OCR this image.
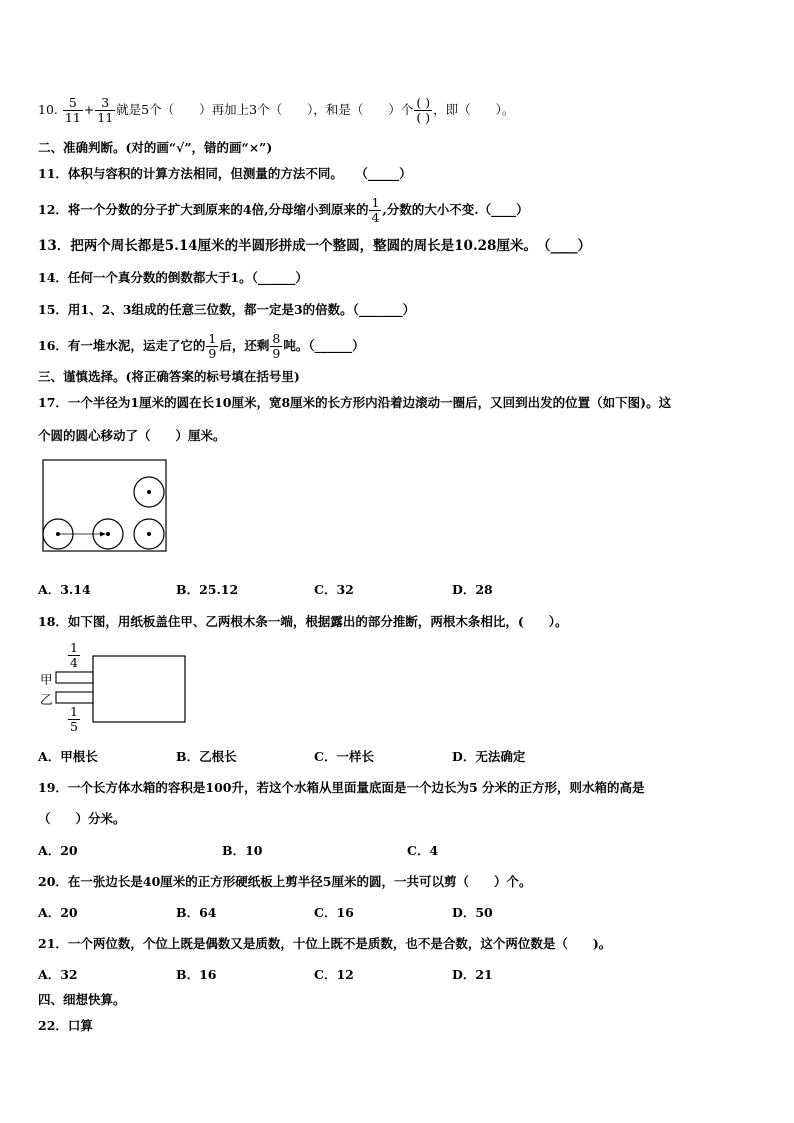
10. $\frac{5}{11} + \frac{3}{11}$ 就是5个（　　）再加上3个（　　），和是（　　）个 $\frac{( )}{( )}$ ，即（　　）。
二、准确判断。(对的画“√”，错的画“×”)
11．体积与容积的计算方法相同，但测量的方法不同。　　（_____）
12．将一个分数的分子扩大到原来的4倍,分母缩小到原来的 $\frac{1}{4}$ ,分数的大小不变.（____）
13．把两个周长都是5.14厘米的半圆形拼成一个整圆，整圆的周长是10.28厘米。　（____）
14．任何一个真分数的倒数都大于1。（______）
15．用1、2、3组成的任意三位数，都一定是3的倍数。（_______）
16．有一堆水泥，运走了它的 $\frac{1}{9}$ 后，还剩 $\frac{8}{9}$ 吨。（______）
三、谨慎选择。(将正确答案的标号填在括号里)
17．一个半径为1厘米的圆在长10厘米，宽8厘米的长方形内沿着边滚动一圈后，又回到出发的位置（如下图)。这
个圆的圆心移动了（　　）厘米。
A．3.14	B．25.12	C．32	D．28
18．如下图，用纸板盖住甲、乙两根木条一端，根据露出的部分推断，两根木条相比，(　　）。
$\frac{1}{4}$
甲
乙
$\frac{1}{5}$
A．甲根长	B．乙根长	C．一样长	D．无法确定
19．一个长方体水箱的容积是100升，若这个水箱从里面量底面是一个边长为5 分米的正方形，则水箱的高是
（　　）分米。
A．20	B．10	C．4
20．在一张边长是40厘米的正方形硬纸板上剪半径5厘米的圆，一共可以剪（　　）个。
A．20	B．64	C．16	D．50
21．一个两位数，个位上既是偶数又是质数，十位上既不是质数，也不是合数，这个两位数是（　　)。
A．32	B．16	C．12	D．21
四、细想快算。
22．口算
